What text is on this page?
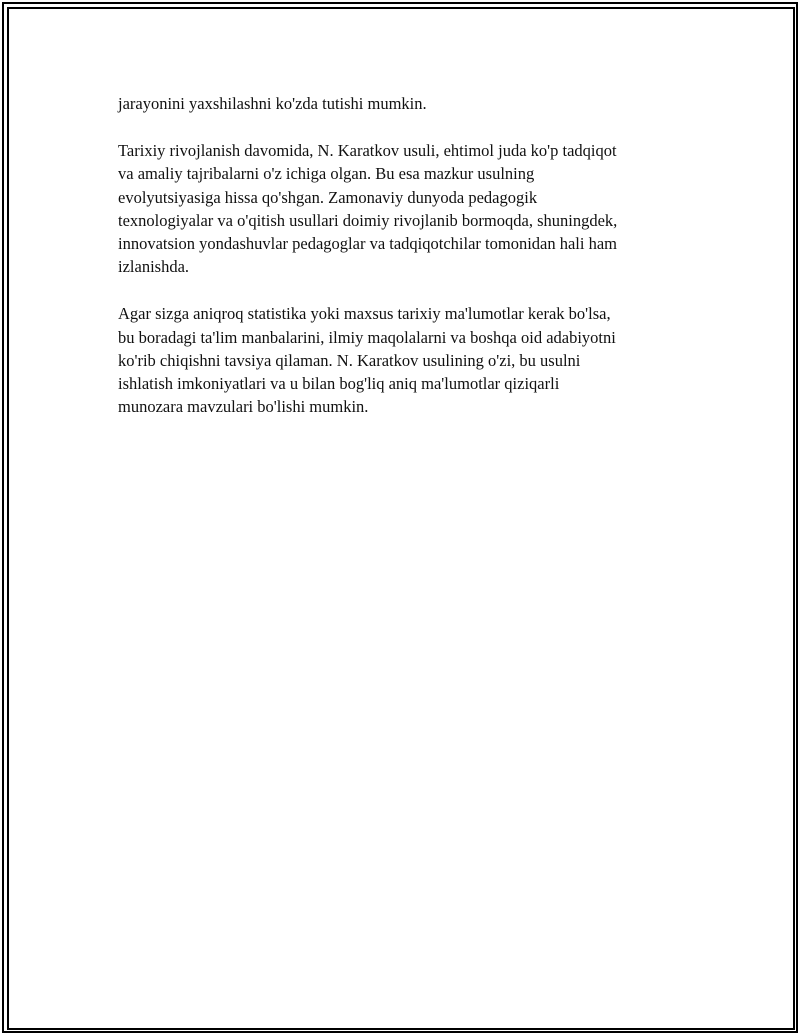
jarayonini yaxshilashni ko'zda tutishi mumkin.

Tarixiy rivojlanish davomida, N. Karatkov usuli, ehtimol juda ko'p tadqiqot
va amaliy tajribalarni o'z ichiga olgan. Bu esa mazkur usulning
evolyutsiyasiga hissa qo'shgan. Zamonaviy dunyoda pedagogik
texnologiyalar va o'qitish usullari doimiy rivojlanib bormoqda, shuningdek,
innovatsion yondashuvlar pedagoglar va tadqiqotchilar tomonidan hali ham
izlanishda.

Agar sizga aniqroq statistika yoki maxsus tarixiy ma'lumotlar kerak bo'lsa,
bu boradagi ta'lim manbalarini, ilmiy maqolalarni va boshqa oid adabiyotni
ko'rib chiqishni tavsiya qilaman. N. Karatkov usulining o'zi, bu usulni
ishlatish imkoniyatlari va u bilan bog'liq aniq ma'lumotlar qiziqarli
munozara mavzulari bo'lishi mumkin.
